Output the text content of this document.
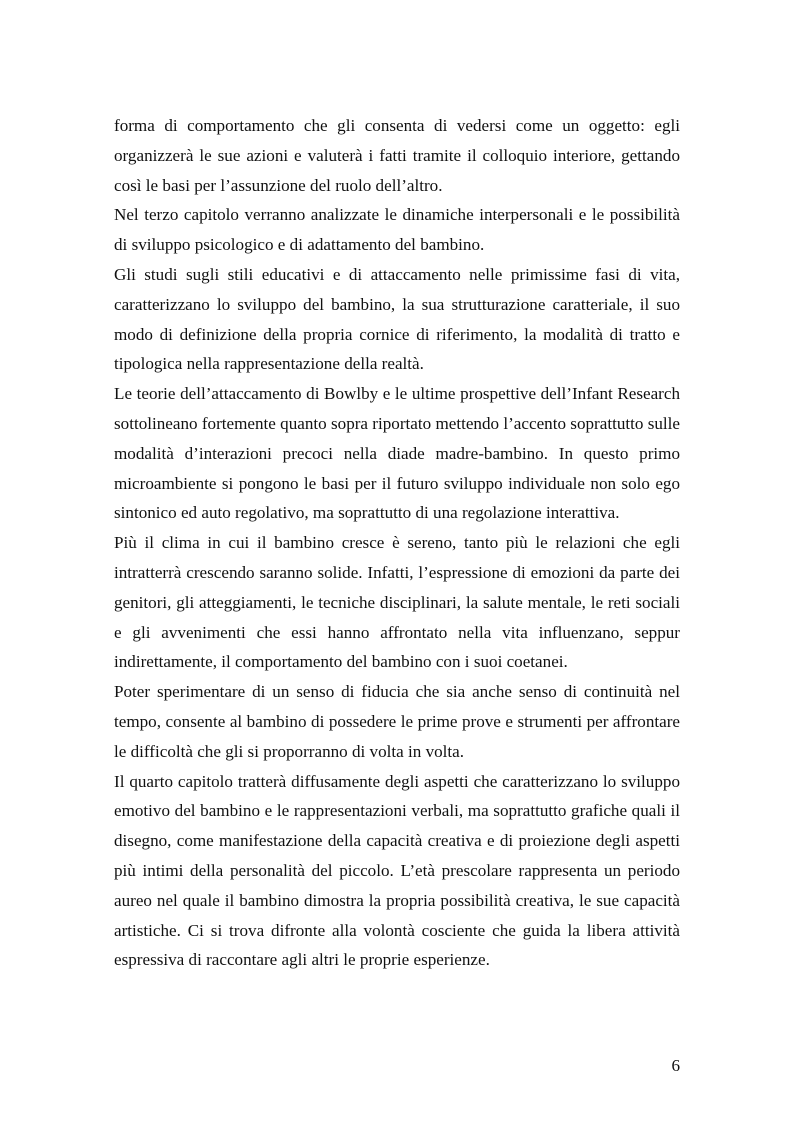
forma di comportamento che gli consenta di vedersi come un oggetto: egli organizzerà le sue azioni e valuterà i fatti tramite il colloquio interiore, gettando così le basi per l’assunzione del ruolo dell’altro.

Nel terzo capitolo verranno analizzate le dinamiche interpersonali e le possibilità di sviluppo psicologico e di adattamento del bambino.

Gli studi sugli stili educativi e di attaccamento nelle primissime fasi di vita, caratterizzano lo sviluppo del bambino, la sua strutturazione caratteriale, il suo modo di definizione della propria cornice di riferimento, la modalità di tratto e tipologica nella rappresentazione della realtà.

Le teorie dell’attaccamento di Bowlby e le ultime prospettive dell’Infant Research sottolineano fortemente quanto sopra riportato mettendo l’accento soprattutto sulle modalità d’interazioni precoci nella diade madre-bambino. In questo primo microambiente si pongono le basi per il futuro sviluppo individuale non solo ego sintonico ed auto regolativo, ma soprattutto di una regolazione interattiva.

Più il clima in cui il bambino cresce è sereno, tanto più le relazioni che egli intratterrà crescendo saranno solide. Infatti, l’espressione di emozioni da parte dei genitori, gli atteggiamenti, le tecniche disciplinari, la salute mentale, le reti sociali e gli avvenimenti che essi hanno affrontato nella vita influenzano, seppur indirettamente, il comportamento del bambino con i suoi coetanei.

Poter sperimentare di un senso di fiducia che sia anche senso di continuità nel tempo, consente al bambino di possedere le prime prove e strumenti per affrontare le difficoltà che gli si proporranno di volta in volta.

Il quarto capitolo tratterà diffusamente degli aspetti che caratterizzano lo sviluppo emotivo del bambino e le rappresentazioni verbali, ma soprattutto grafiche quali il disegno, come manifestazione della capacità creativa e di proiezione degli aspetti più intimi della personalità del piccolo. L’età prescolare rappresenta un periodo aureo nel quale il bambino dimostra la propria possibilità creativa, le sue capacità artistiche. Ci si trova difronte alla volontà cosciente che guida la libera attività espressiva di raccontare agli altri le proprie esperienze.

6
